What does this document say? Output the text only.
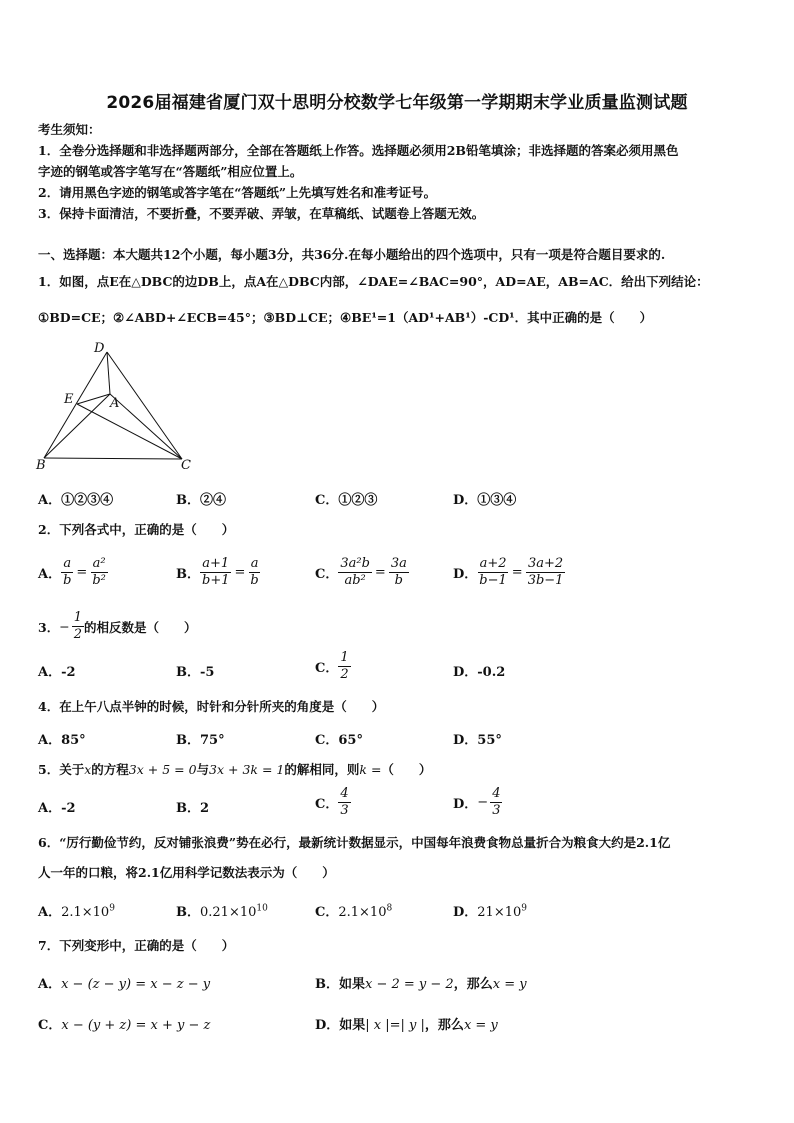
2026届福建省厦门双十思明分校数学七年级第一学期期末学业质量监测试题
考生须知：
1．全卷分选择题和非选择题两部分，全部在答题纸上作答。选择题必须用2B铅笔填涂；非选择题的答案必须用黑色
字迹的钢笔或答字笔写在“答题纸”相应位置上。
2．请用黑色字迹的钢笔或答字笔在“答题纸”上先填写姓名和准考证号。
3．保持卡面清洁，不要折叠，不要弄破、弄皱，在草稿纸、试题卷上答题无效。
一、选择题：本大题共12个小题，每小题3分，共36分.在每小题给出的四个选项中，只有一项是符合题目要求的.
1．如图，点E在△DBC的边DB上，点A在△DBC内部，∠DAE=∠BAC=90°，AD=AE，AB=AC．给出下列结论：
①BD=CE；②∠ABD+∠ECB=45°；③BD⊥CE；④BE¹=1（AD¹+AB¹）-CD¹．其中正确的是（　　）
D
E	A
B	C
A．①②③④	B．②④	C．①②③	D．①③④
2．下列各式中，正确的是（　　）
A． $\frac{a}{b} = \frac{\text{a²}}{\text{b²}}$	B． $\frac{a+1}{b+1} = \frac{a}{b}$	C． $\frac{\text{3a²b}}{\text{ab²}} = \frac{3a}{b}$	D． $\frac{a+2}{b-1} = \frac{3a+2}{3b-1}$
3． − $\frac{1}{2}$ 的相反数是（　　）
A．-2	B．-5	C． $\frac{1}{2}$	D．-0.2
4．在上午八点半钟的时候，时针和分针所夹的角度是（　　）
A．85°	B．75°	C．65°	D．55°
5．关于x的方程3x + 5 = 0与3x + 3k = 1的解相同，则k =（　　）
A．-2	B．2	C． $\frac{4}{3}$	D． − $\frac{4}{3}$
6．“厉行勤俭节约，反对铺张浪费”势在必行，最新统计数据显示，中国每年浪费食物总量折合为粮食大约是2.1亿
人一年的口粮，将2.1亿用科学记数法表示为（　　）
A．$2.1\times 10^9$	B．$0.21\times 10^{10}$	C．$2.1\times 10^8$	D．$21\times 10^9$
7．下列变形中，正确的是（　　）
A．x − (z − y) = x − z − y	B．如果x − 2 = y − 2，那么x = y
C．x − (y + z) = x + y − z	D．如果| x |=| y |，那么x = y
